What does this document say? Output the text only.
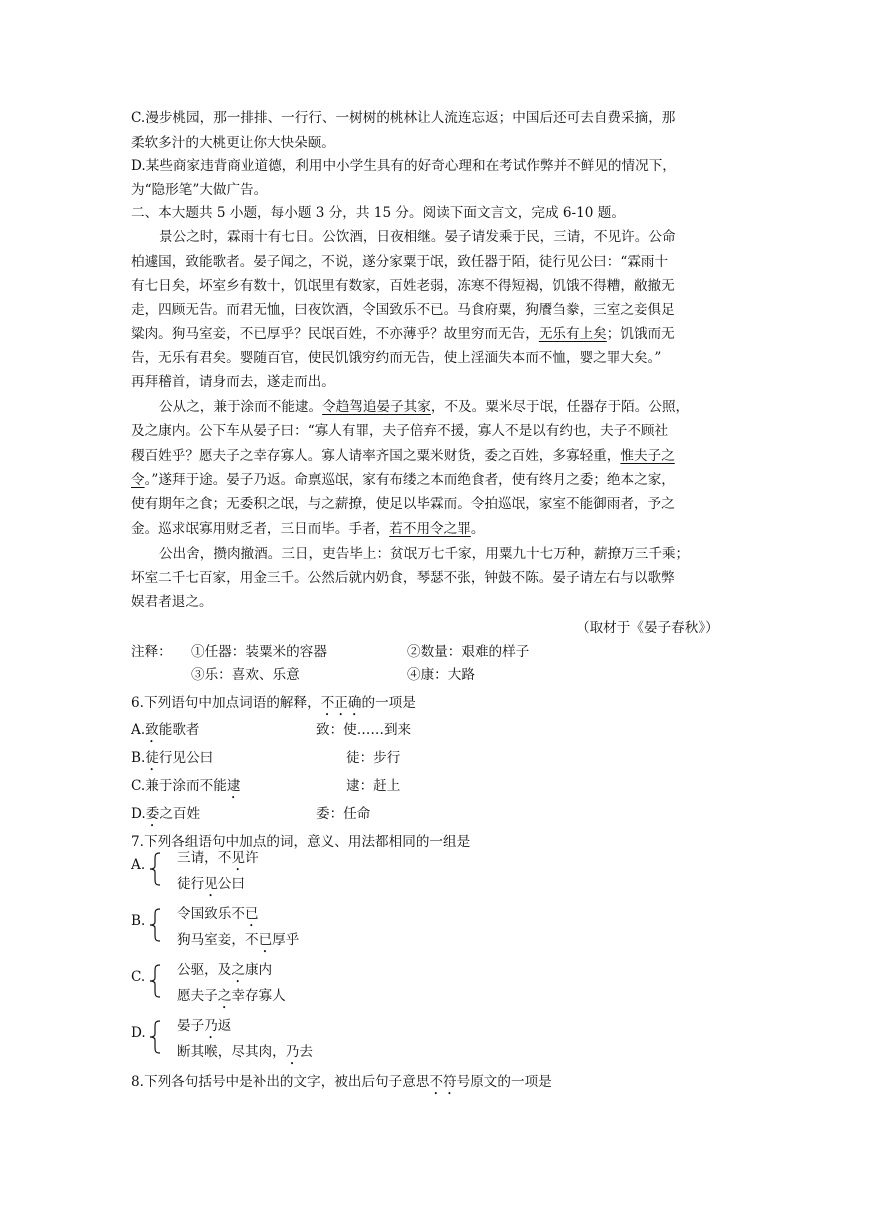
C.漫步桃园，那一排排、一行行、一树树的桃林让人流连忘返；中国后还可去自费采摘，那
柔软多汁的大桃更让你大快朵颐。
D.某些商家违背商业道德，利用中小学生具有的好奇心理和在考试作弊并不鲜见的情况下，
为“隐形笔”大做广告。
二、本大题共 5 小题，每小题 3 分，共 15 分。阅读下面文言文，完成 6-10 题。
景公之时，霖雨十有七日。公饮酒，日夜相继。晏子请发乘于民，三请，不见许。公命
柏遽国，致能歌者。晏子闻之，不说，遂分家粟于氓，致任器于陌，徒行见公曰：“霖雨十
有七日矣，坏室乡有数十，饥氓里有数家，百姓老弱，冻寒不得短褐，饥饿不得糟，敝撤无
走，四顾无告。而君无恤，曰夜饮酒，令国致乐不已。马食府粟，狗餍刍豢，三室之妾俱足
粱肉。狗马室妾，不已厚乎？民氓百姓，不亦薄乎？故里穷而无告，无乐有上矣；饥饿而无
告，无乐有君矣。婴随百官，使民饥饿穷约而无告，使上淫湎失本而不恤，婴之罪大矣。”
再拜稽首，请身而去，遂走而出。
公从之，兼于涂而不能逮。令趋驾追晏子其家，不及。粟米尽于氓，任器存于陌。公照，
及之康内。公下车从晏子曰：“寡人有罪，夫子倍弃不援，寡人不是以有约也，夫子不顾社
稷百姓乎？愿夫子之幸存寡人。寡人请率齐国之粟米财货，委之百姓，多寡轻重，惟夫子之
令。”遂拜于途。晏子乃返。命禀巡氓，家有布缕之本而绝食者，使有终月之委；绝本之家，
使有期年之食；无委积之氓，与之薪撩，使足以毕霖而。令拍巡氓，家室不能御雨者，予之
金。巡求氓寡用财乏者，三日而毕。手者，若不用令之罪。
公出舍，攒肉撤酒。三日，吏告毕上：贫氓万七千家，用粟九十七万种，薪撩万三千乘；
坏室二千七百家，用金三千。公然后就内奶食，琴瑟不张，钟鼓不陈。晏子请左右与以歌弊
娱君者退之。
（取材于《晏子春秋》）
注释： ①任器：装粟米的容器	②数量：艰难的样子
③乐：喜欢、乐意	④康：大路
6.下列语句中加点词语的解释，不正确的一项是
A.致能歌者	致：使……到来
B.徒行见公曰	徒：步行
C.兼于涂而不能逮	逮：赶上
D.委之百姓	委：任命
7.下列各组语句中加点的词，意义、用法都相同的一组是
A. 三请，不见许
徒行见公曰
B. 令国致乐不已
狗马室妾，不已厚乎
C. 公驱，及之康内
愿夫子之幸存寡人
D. 晏子乃返
断其喉，尽其肉，乃去
8.下列各句括号中是补出的文字，被出后句子意思不符号原文的一项是
